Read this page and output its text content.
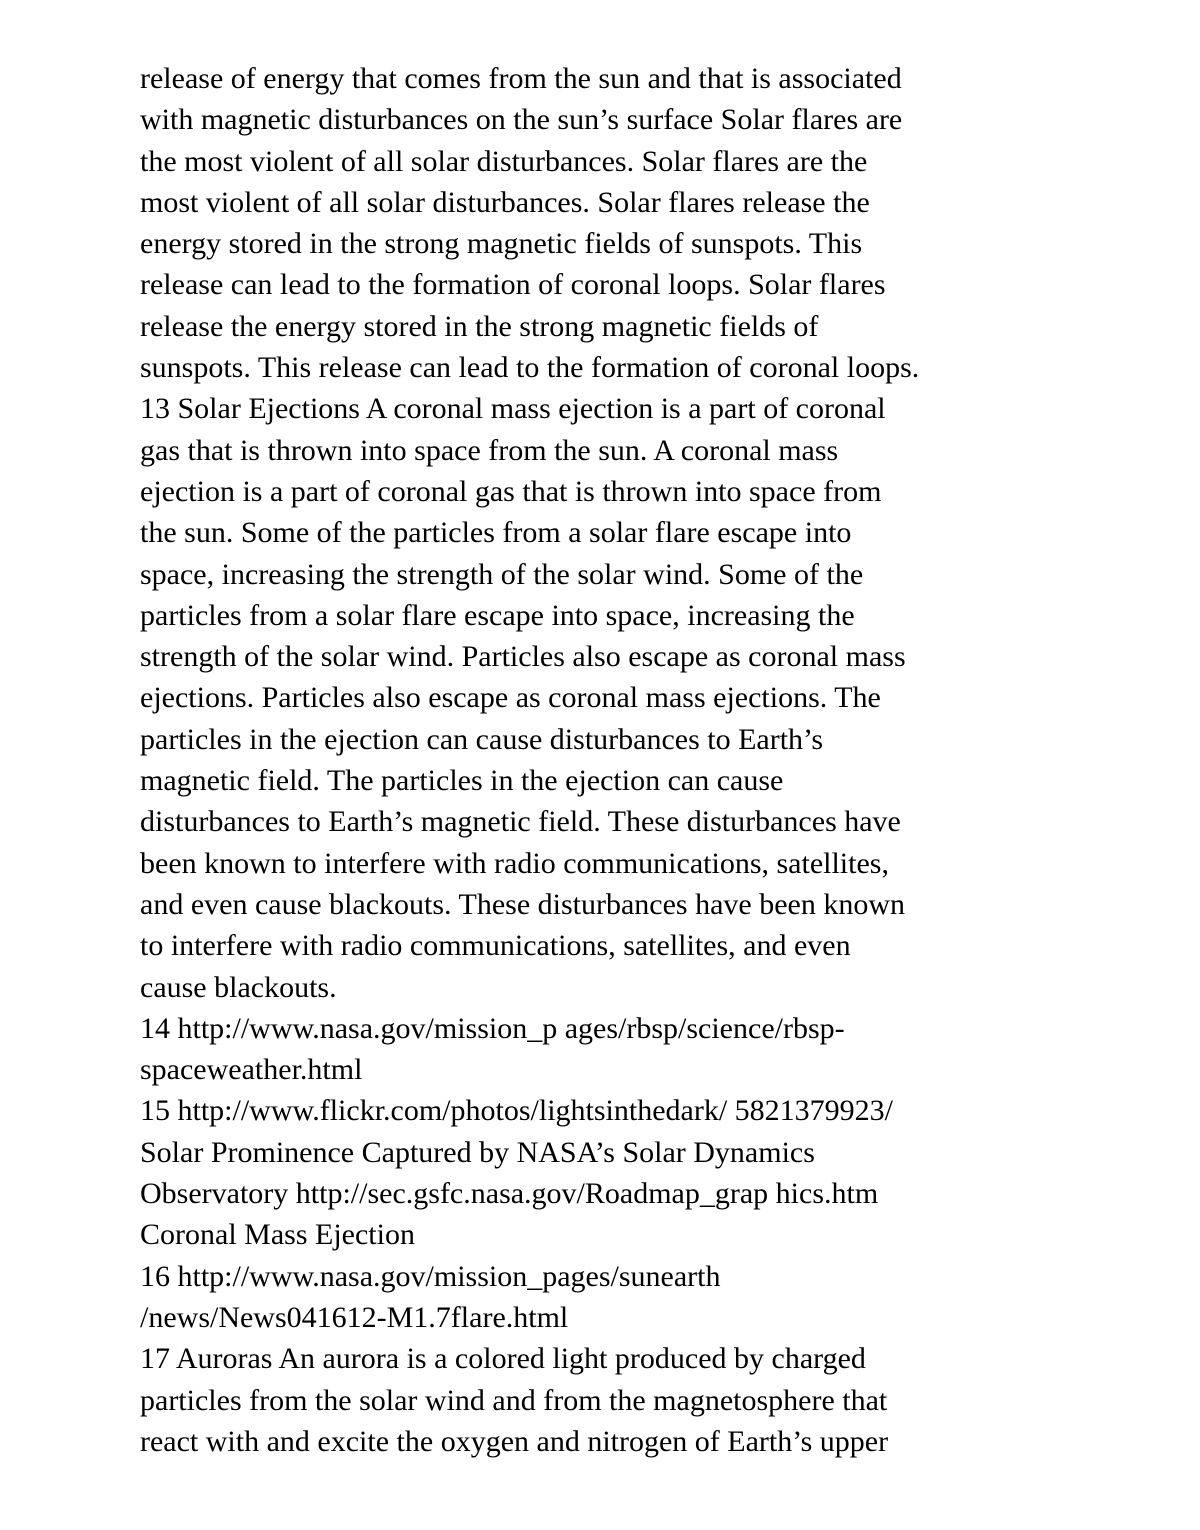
release of energy that comes from the sun and that is associated
with magnetic disturbances on the sun’s surface Solar flares are
the most violent of all solar disturbances. Solar flares are the
most violent of all solar disturbances. Solar flares release the
energy stored in the strong magnetic fields of sunspots. This
release can lead to the formation of coronal loops. Solar flares
release the energy stored in the strong magnetic fields of
sunspots. This release can lead to the formation of coronal loops.
13 Solar Ejections A coronal mass ejection is a part of coronal
gas that is thrown into space from the sun. A coronal mass
ejection is a part of coronal gas that is thrown into space from
the sun. Some of the particles from a solar flare escape into
space, increasing the strength of the solar wind. Some of the
particles from a solar flare escape into space, increasing the
strength of the solar wind. Particles also escape as coronal mass
ejections. Particles also escape as coronal mass ejections. The
particles in the ejection can cause disturbances to Earth’s
magnetic field. The particles in the ejection can cause
disturbances to Earth’s magnetic field. These disturbances have
been known to interfere with radio communications, satellites,
and even cause blackouts. These disturbances have been known
to interfere with radio communications, satellites, and even
cause blackouts.
14 http://www.nasa.gov/mission_p ages/rbsp/science/rbsp-
spaceweather.html
15 http://www.flickr.com/photos/lightsinthedark/ 5821379923/
Solar Prominence Captured by NASA’s Solar Dynamics
Observatory http://sec.gsfc.nasa.gov/Roadmap_grap hics.htm
Coronal Mass Ejection
16 http://www.nasa.gov/mission_pages/sunearth
/news/News041612-M1.7flare.html
17 Auroras An aurora is a colored light produced by charged
particles from the solar wind and from the magnetosphere that
react with and excite the oxygen and nitrogen of Earth’s upper
